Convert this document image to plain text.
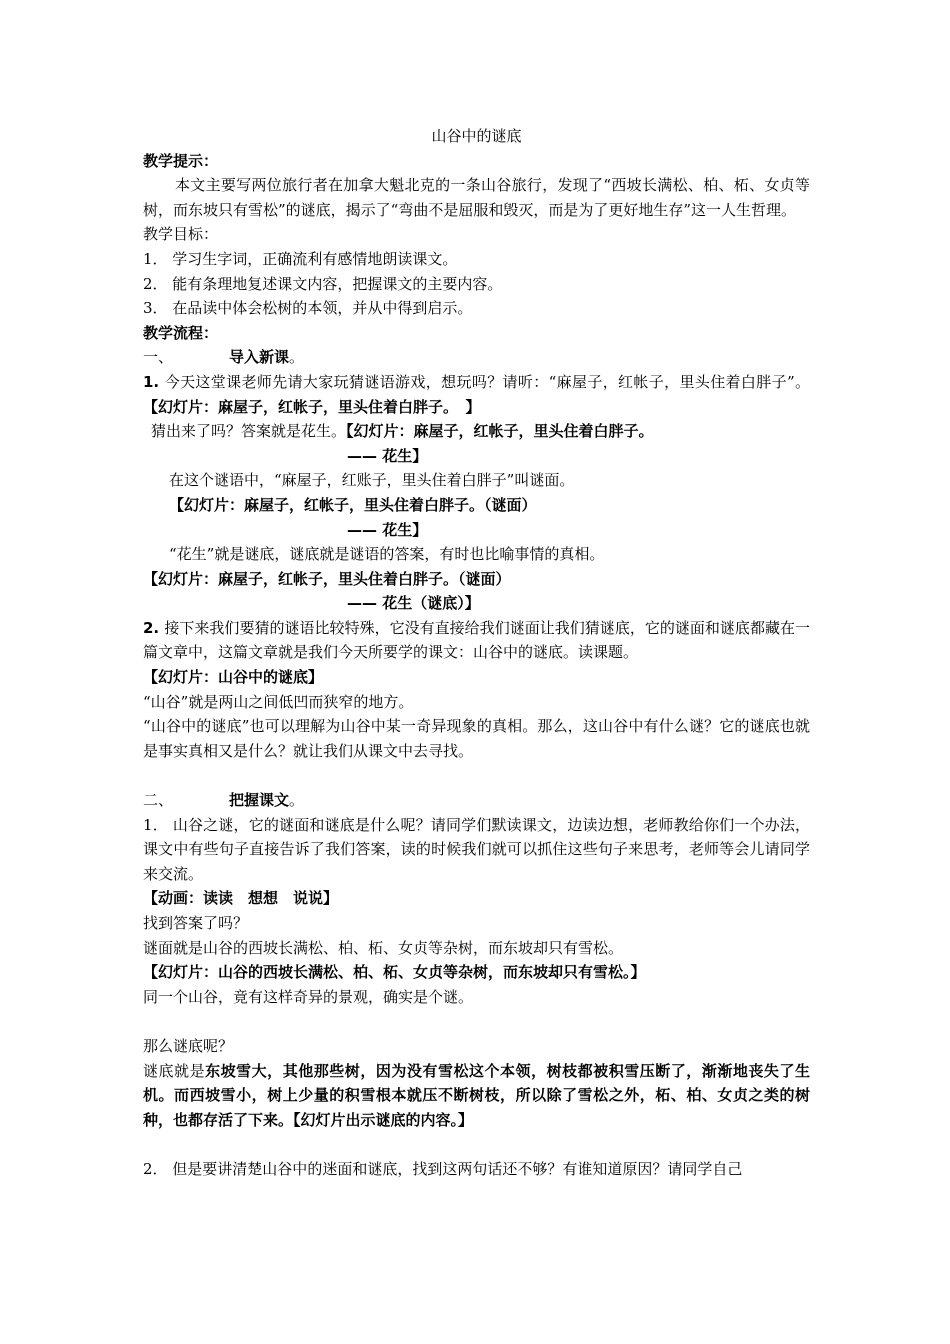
山谷中的谜底
教学提示：
本文主要写两位旅行者在加拿大魁北克的一条山谷旅行，发现了“西坡长满松、柏、柘、女贞等树，而东坡只有雪松”的谜底，揭示了“弯曲不是屈服和毁灭，而是为了更好地生存”这一人生哲理。
教学目标：
1． 学习生字词，正确流利有感情地朗读课文。
2． 能有条理地复述课文内容，把握课文的主要内容。
3． 在品读中体会松树的本领，并从中得到启示。
教学流程：
一、	导入新课。
1. 今天这堂课老师先请大家玩猜谜语游戏，想玩吗？请听：“麻屋子，红帐子，里头住着白胖子”。【幻灯片：麻屋子，红帐子，里头住着白胖子。　】
猜出来了吗？答案就是花生。【幻灯片：麻屋子，红帐子，里头住着白胖子。
—— 花生】
在这个谜语中，“麻屋子，红账子，里头住着白胖子”叫谜面。
【幻灯片：麻屋子，红帐子，里头住着白胖子。（谜面）
—— 花生】
“花生”就是谜底，谜底就是谜语的答案，有时也比喻事情的真相。
【幻灯片：麻屋子，红帐子，里头住着白胖子。（谜面）
—— 花生（谜底）】
2. 接下来我们要猜的谜语比较特殊，它没有直接给我们谜面让我们猜谜底，它的谜面和谜底都藏在一篇文章中，这篇文章就是我们今天所要学的课文：山谷中的谜底。读课题。
【幻灯片：山谷中的谜底】
“山谷”就是两山之间低凹而狭窄的地方。
“山谷中的谜底”也可以理解为山谷中某一奇异现象的真相。那么，这山谷中有什么谜？它的谜底也就是事实真相又是什么？就让我们从课文中去寻找。
二、	把握课文。
1． 山谷之谜，它的谜面和谜底是什么呢？请同学们默读课文，边读边想，老师教给你们一个办法，课文中有些句子直接告诉了我们答案，读的时候我们就可以抓住这些句子来思考，老师等会儿请同学来交流。
【动画：读读　想想　说说】
找到答案了吗？
谜面就是山谷的西坡长满松、柏、柘、女贞等杂树，而东坡却只有雪松。
【幻灯片：山谷的西坡长满松、柏、柘、女贞等杂树，而东坡却只有雪松。】
同一个山谷，竟有这样奇异的景观，确实是个谜。
那么谜底呢？
谜底就是东坡雪大，其他那些树，因为没有雪松这个本领，树枝都被积雪压断了，渐渐地丧失了生机。而西坡雪小，树上少量的积雪根本就压不断树枝，所以除了雪松之外，柘、柏、女贞之类的树种，也都存活了下来。【幻灯片出示谜底的内容。】
2． 但是要讲清楚山谷中的迷面和谜底，找到这两句话还不够？有谁知道原因？请同学自己
